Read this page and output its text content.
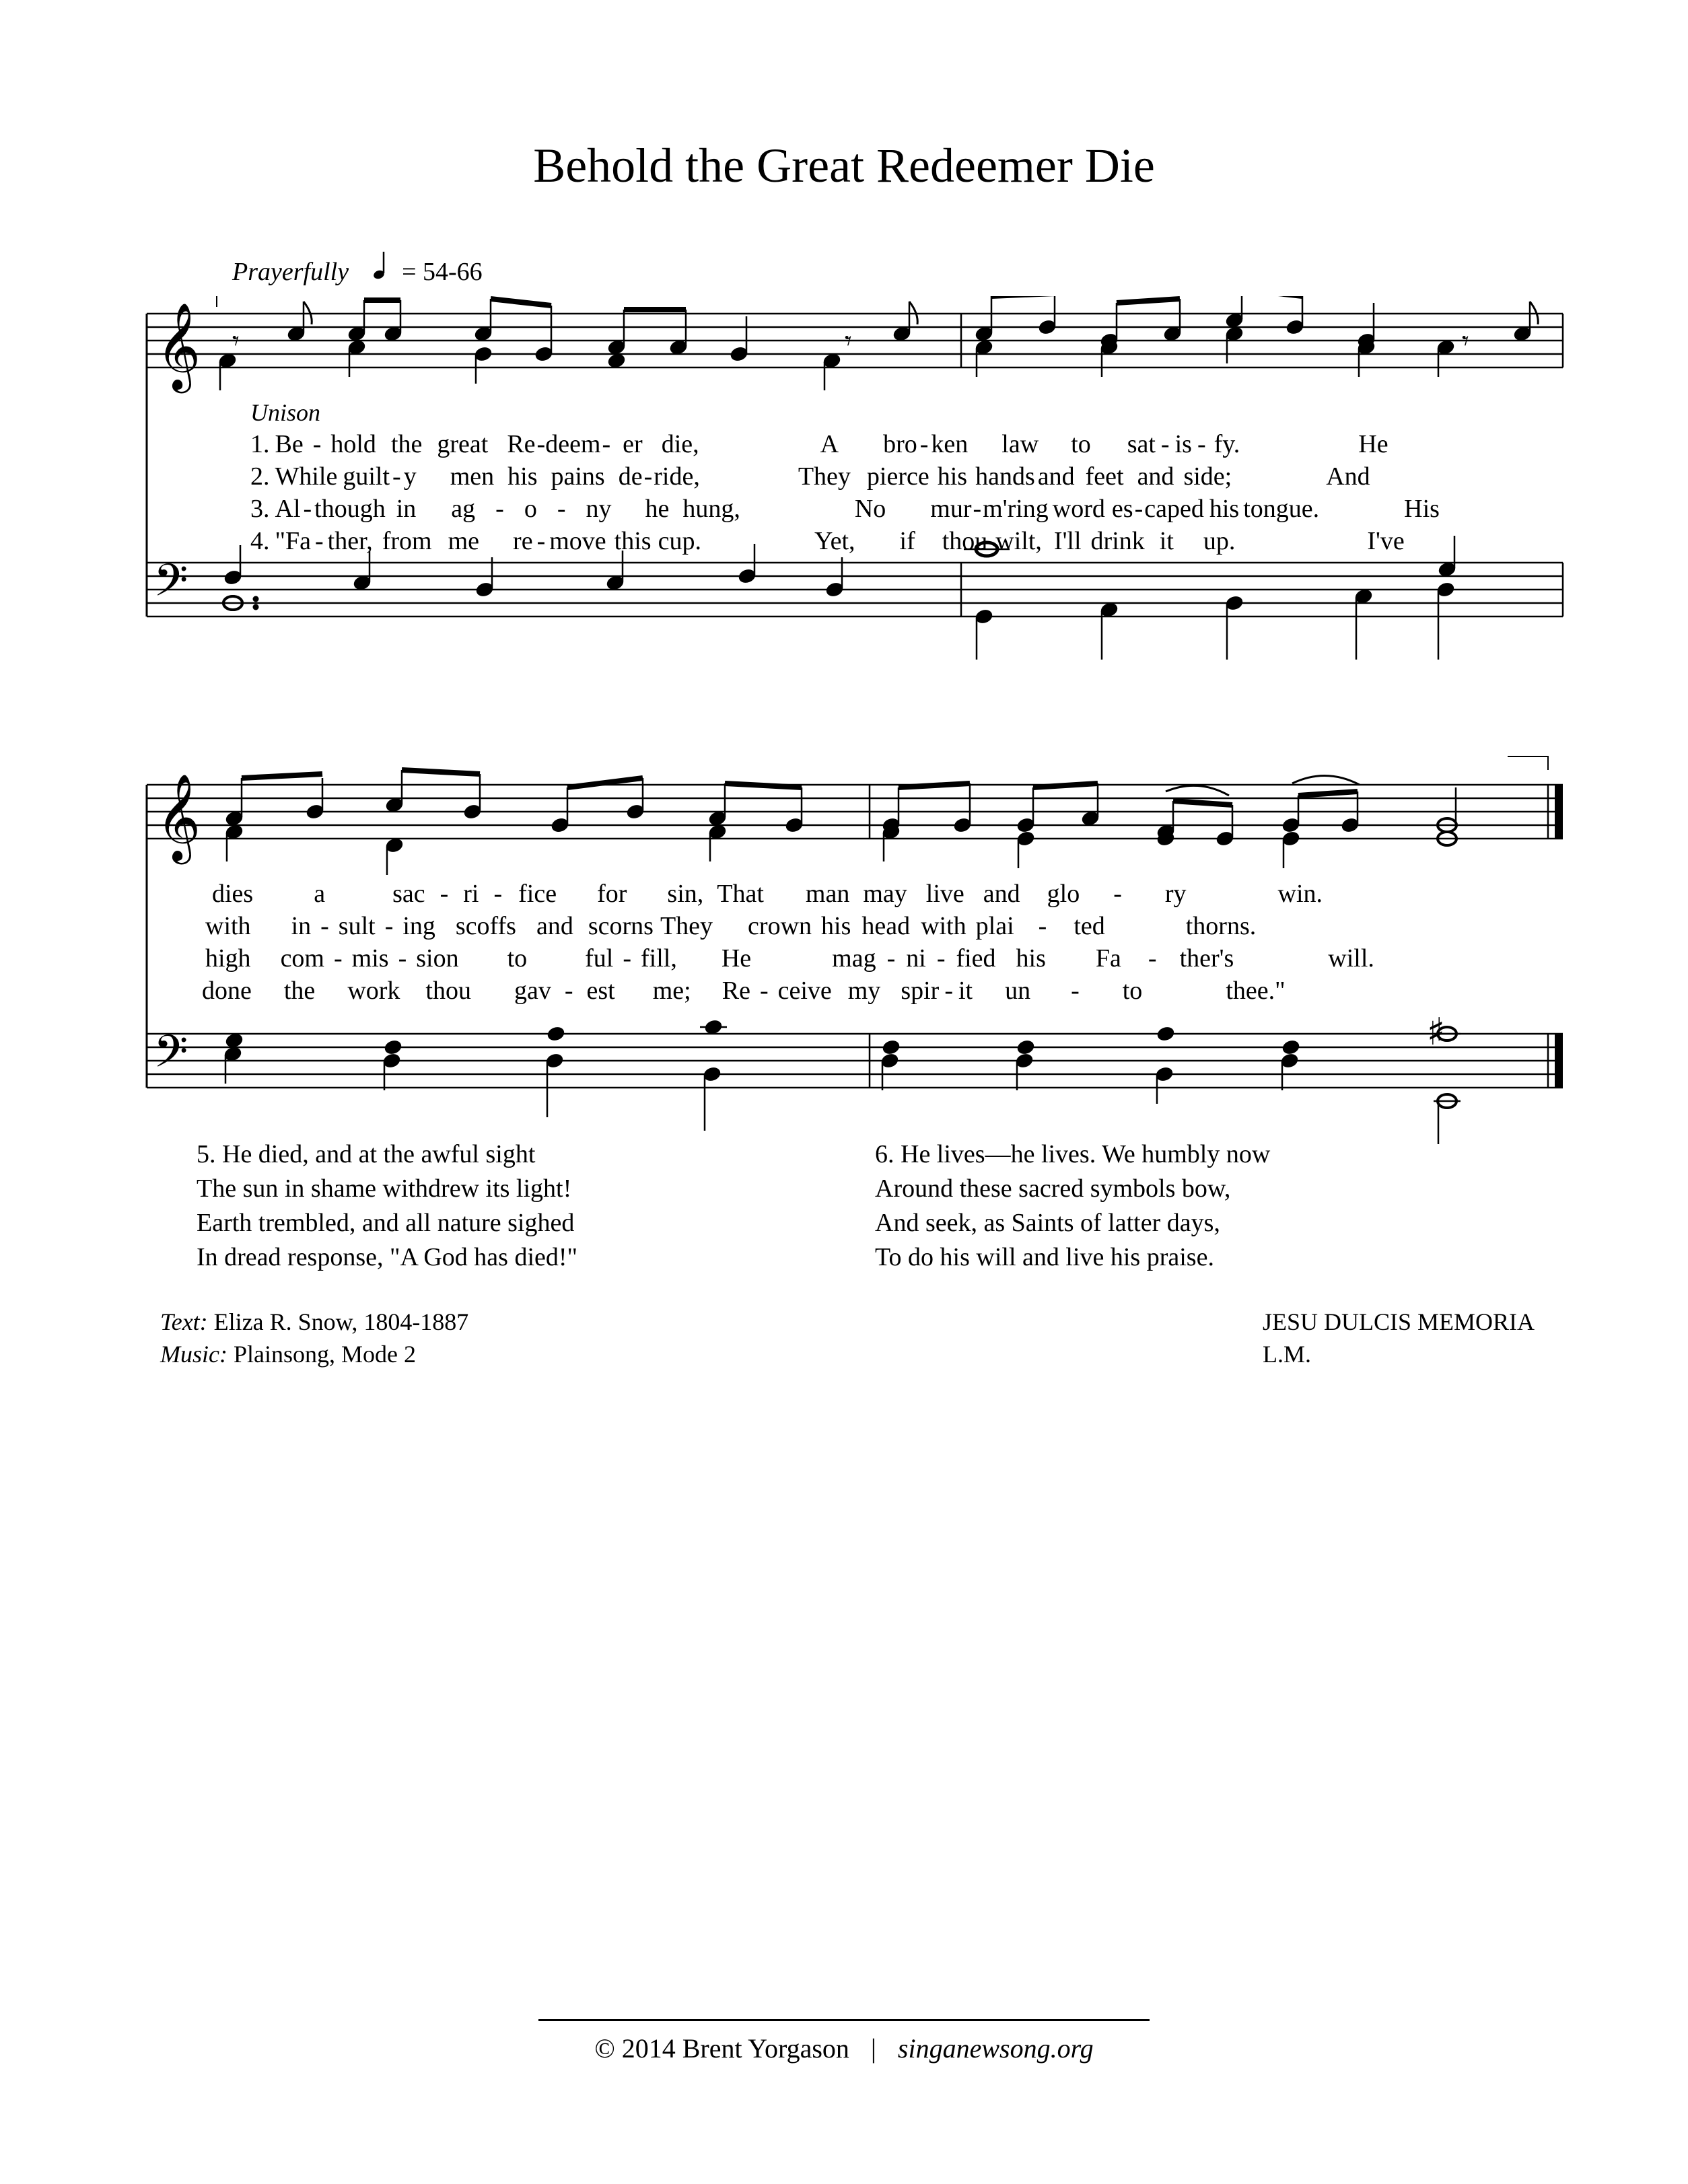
Behold the Great Redeemer Die
Prayerfully = 54-66
𝄞
𝄢
𝄾	𝄾	𝄾
Unison
1. Be - hold the great Re-deem- er die,	A bro - ken law to sat - is - fy.	He
2. While guilt - y men his pains de-ride,	They pierce his hands and feet and side;	And
3. Al - though in ag - o - ny he hung,	No mur-m'ring word es-caped his tongue.	His
4. "Fa - ther, from me re - move this cup.	Yet, if thou wilt, I'll drink it up.	I've
𝄞
𝄢	♯
dies a	sac - ri - fice for sin, That man may live and glo - ry	win.
with in - sult - ing scoffs and scorns They crown his head with plai - ted	thorns.
high com - mis - sion to ful - fill, He	mag - ni - fied his Fa - ther's	will.
done the work thou gav - est me; Re - ceive my spir - it un - to	thee."
5. He died, and at the awful sight
The sun in shame withdrew its light!
Earth trembled, and all nature sighed
In dread response, "A God has died!"
6. He lives—he lives. We humbly now
Around these sacred symbols bow,
And seek, as Saints of latter days,
To do his will and live his praise.
Text: Eliza R. Snow, 1804-1887
Music: Plainsong, Mode 2
JESU DULCIS MEMORIA
L.M.
© 2014 Brent Yorgason | singanewsong.org
